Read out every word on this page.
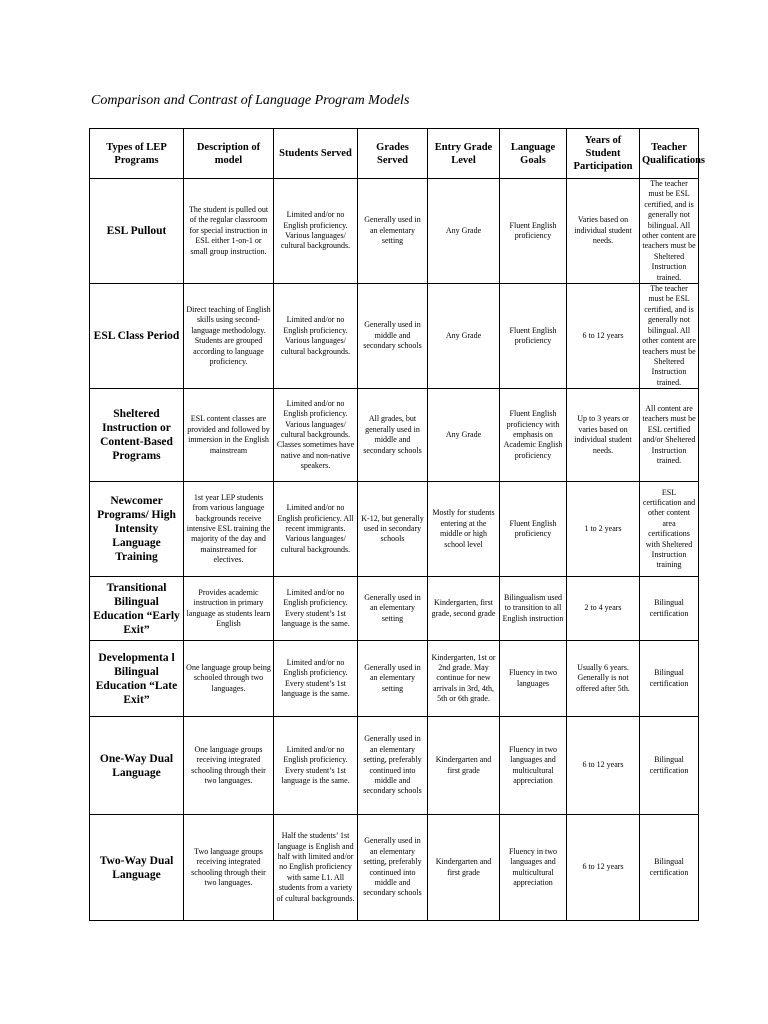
Comparison and Contrast of Language Program Models
Types of LEP Programs	Description of model	Students Served	Grades Served	Entry Grade Level	Language Goals	Years of Student Participation	Teacher Qualifications
ESL Pullout	The student is pulled out of the regular classroom for special instruction in ESL either 1-on-1 or small group instruction.	Limited and/or no English proficiency. Various languages/ cultural backgrounds.	Generally used in an elementary setting	Any Grade	Fluent English proficiency	Varies based on individual student needs.	The teacher must be ESL certified, and is generally not bilingual. All other content are teachers must be Sheltered Instruction trained.
ESL Class Period	Direct teaching of English skills using second-language methodology. Students are grouped according to language proficiency.	Limited and/or no English proficiency. Various languages/ cultural backgrounds.	Generally used in middle and secondary schools	Any Grade	Fluent English proficiency	6 to 12 years	The teacher must be ESL certified, and is generally not bilingual. All other content are teachers must be Sheltered Instruction trained.
Sheltered Instruction or Content-Based Programs	ESL content classes are provided and followed by immersion in the English mainstream	Limited and/or no English proficiency. Various languages/ cultural backgrounds. Classes sometimes have native and non-native speakers.	All grades, but generally used in middle and secondary schools	Any Grade	Fluent English proficiency with emphasis on Academic English proficiency	Up to 3 years or varies based on individual student needs.	All content are teachers must be ESL certified and/or Sheltered Instruction trained.
Newcomer Programs/ High Intensity Language Training	1st year LEP students from various language backgrounds receive intensive ESL training the majority of the day and mainstreamed for electives.	Limited and/or no English proficiency. All recent immigrants. Various languages/ cultural backgrounds.	K-12, but generally used in secondary schools	Mostly for students entering at the middle or high school level	Fluent English proficiency	1 to 2 years	ESL certification and other content area certifications with Sheltered Instruction training
Transitional Bilingual Education “Early Exit”	Provides academic instruction in primary language as students learn English	Limited and/or no English proficiency. Every student’s 1st language is the same.	Generally used in an elementary setting	Kindergarten, first grade, second grade	Bilingualism used to transition to all English instruction	2 to 4 years	Bilingual certification
Developmenta l Bilingual Education “Late Exit”	One language group being schooled through two languages.	Limited and/or no English proficiency. Every student’s 1st language is the same.	Generally used in an elementary setting	Kindergarten, 1st or 2nd grade. May continue for new arrivals in 3rd, 4th, 5th or 6th grade.	Fluency in two languages	Usually 6 years. Generally is not offered after 5th.	Bilingual certification
One-Way Dual Language	One language groups receiving integrated schooling through their two languages.	Limited and/or no English proficiency. Every student’s 1st language is the same.	Generally used in an elementary setting, preferably continued into middle and secondary schools	Kindergarten and first grade	Fluency in two languages and multicultural appreciation	6 to 12 years	Bilingual certification
Two-Way Dual Language	Two language groups receiving integrated schooling through their two languages.	Half the students’ 1st language is English and half with limited and/or no English proficiency with same L1. All students from a variety of cultural backgrounds.	Generally used in an elementary setting, preferably continued into middle and secondary schools	Kindergarten and first grade	Fluency in two languages and multicultural appreciation	6 to 12 years	Bilingual certification
